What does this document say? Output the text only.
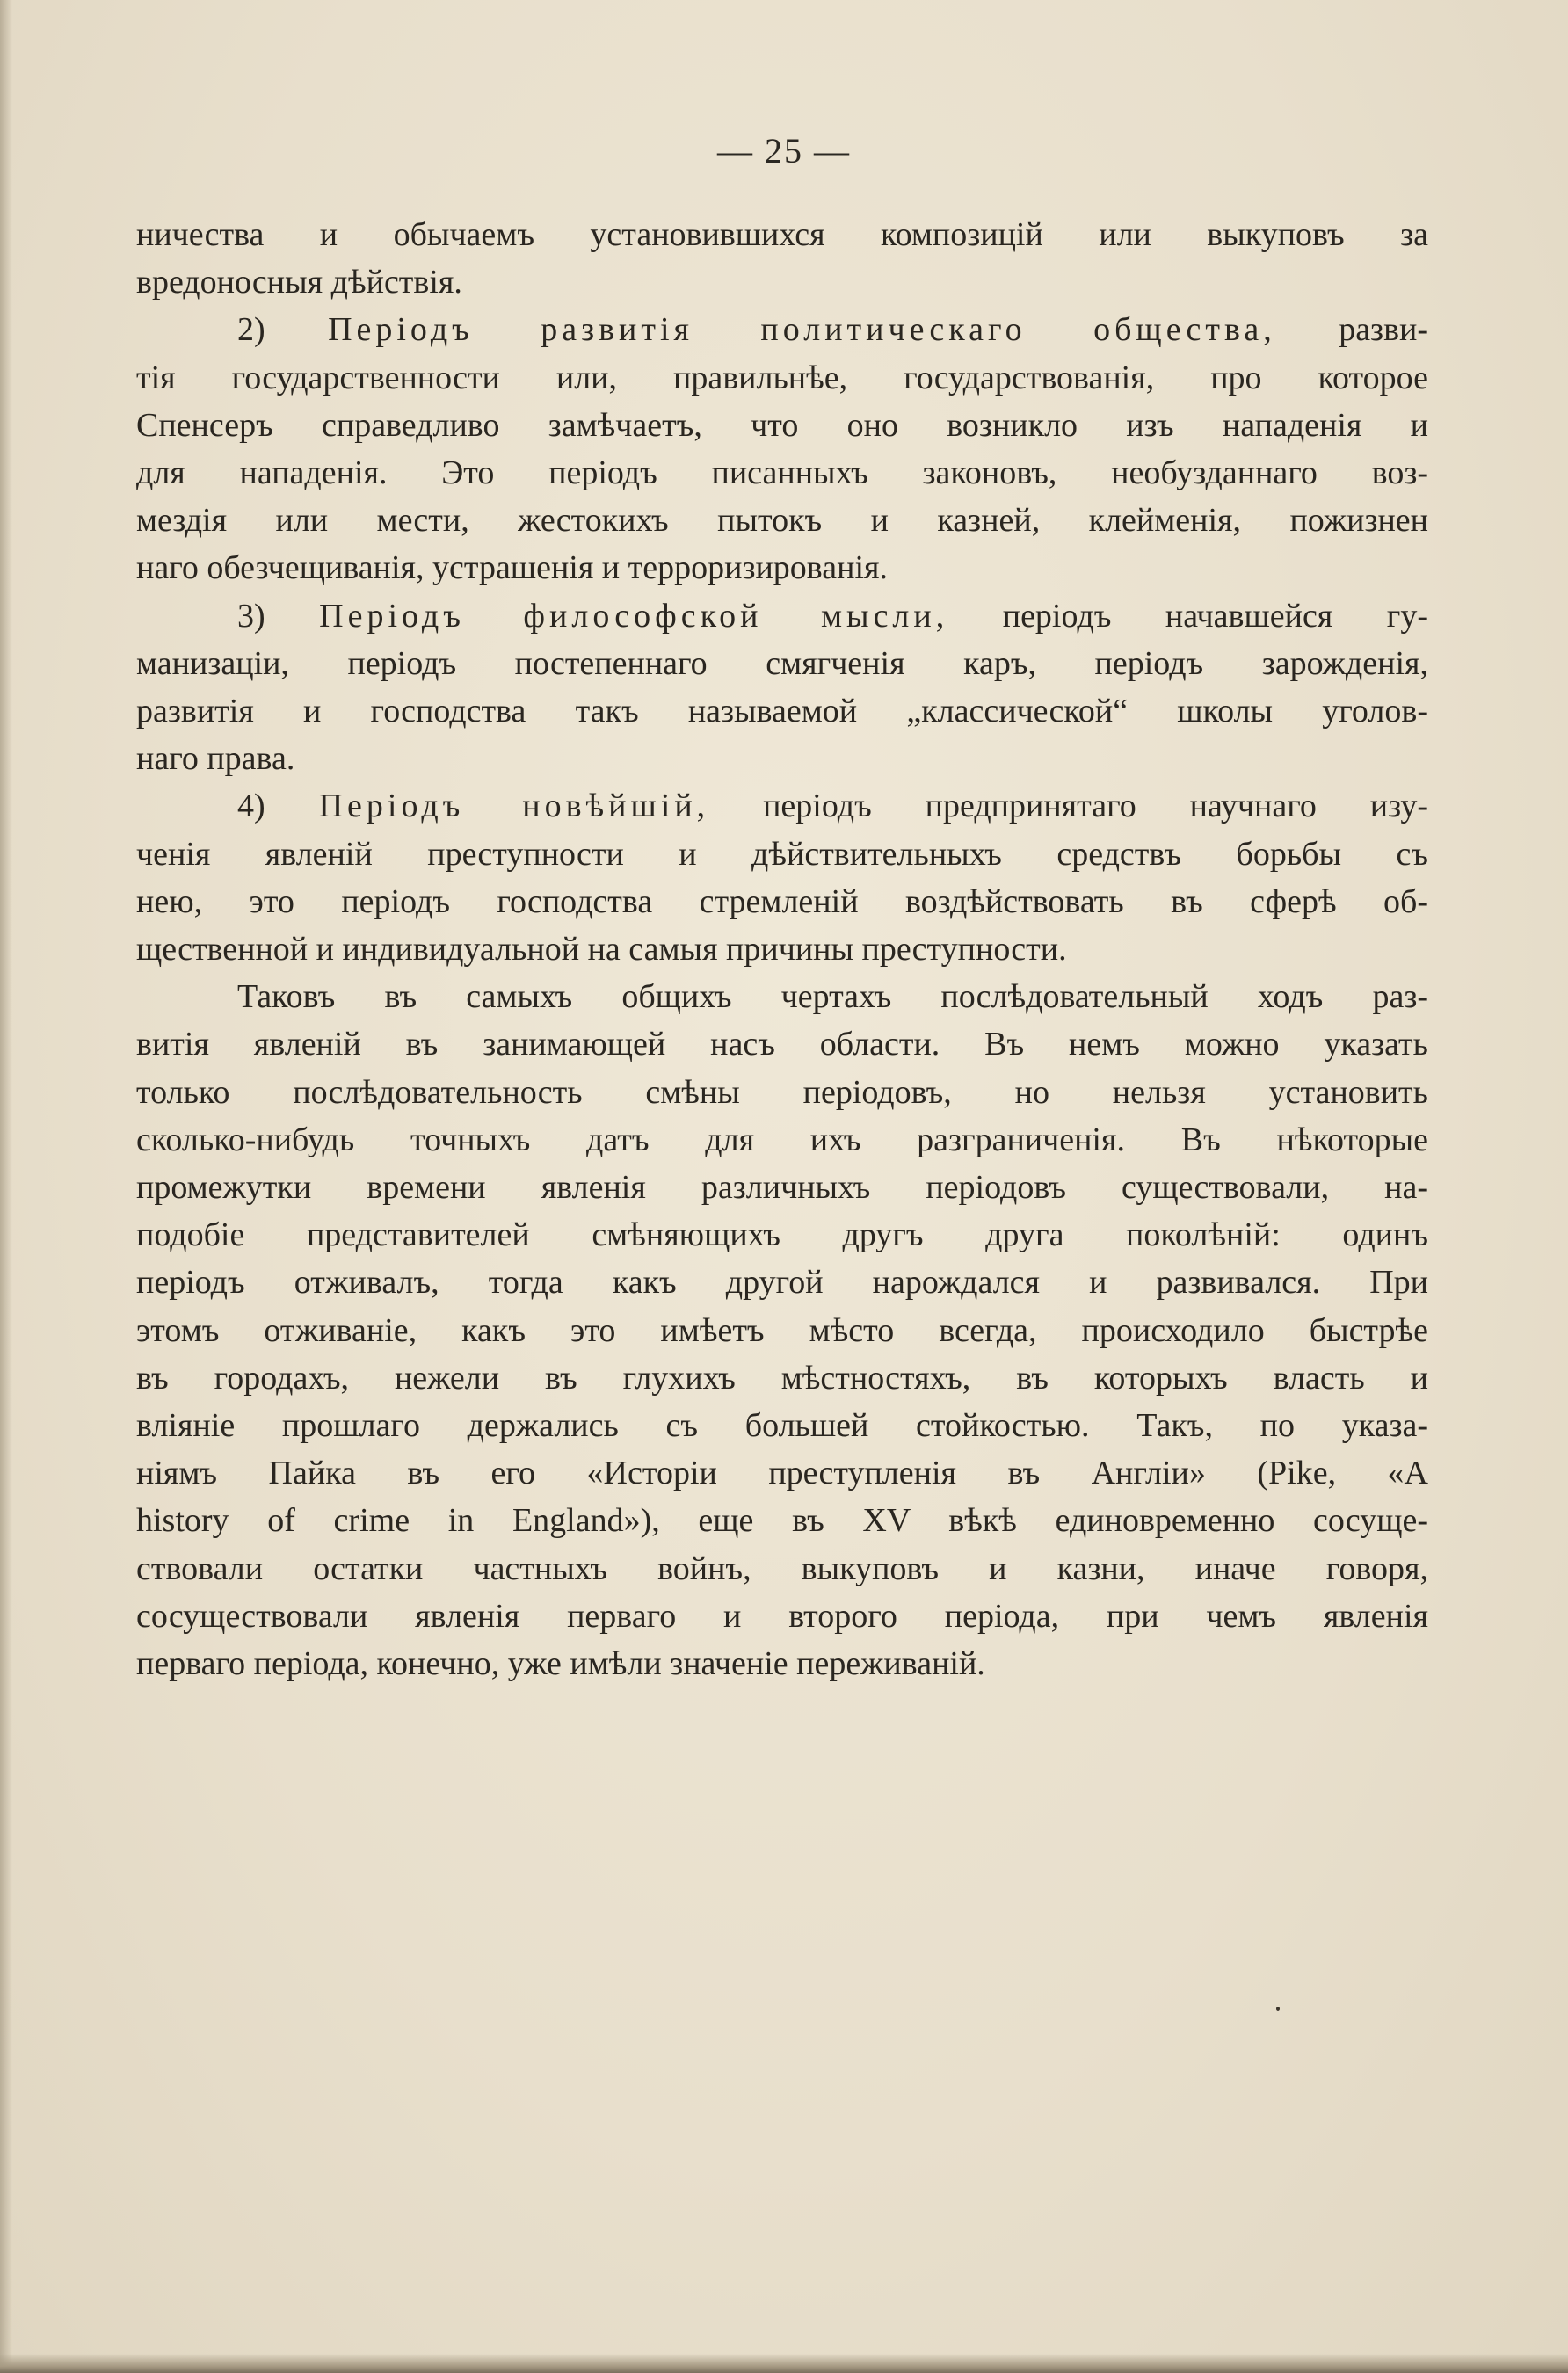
— 25 —
ничества и обычаемъ установившихся композицій или выкуповъ за
вредоносныя дѣйствія.
2) Періодъ развитія политическаго общества, разви-
тія государственности или, правильнѣе, государствованія, про которое
Спенсеръ справедливо замѣчаетъ, что оно возникло изъ нападенія и
для нападенія. Это періодъ писанныхъ законовъ, необузданнаго воз-
мездія или мести, жестокихъ пытокъ и казней, клейменія, пожизнен
наго обезчещиванія, устрашенія и терроризированія.
3) Періодъ философской мысли, періодъ начавшейся гу-
манизаціи, періодъ постепеннаго смягченія каръ, періодъ зарожденія,
развитія и господства такъ называемой „классической“ школы уголов-
наго права.
4) Періодъ новѣйшій, періодъ предпринятаго научнаго изу-
ченія явленій преступности и дѣйствительныхъ средствъ борьбы съ
нею, это періодъ господства стремленій воздѣйствовать въ сферѣ об-
щественной и индивидуальной на самыя причины преступности.
Таковъ въ самыхъ общихъ чертахъ послѣдовательный ходъ раз-
витія явленій въ занимающей насъ области. Въ немъ можно указать
только послѣдовательность смѣны періодовъ, но нельзя установить
сколько-нибудь точныхъ датъ для ихъ разграниченія. Въ нѣкоторые
промежутки времени явленія различныхъ періодовъ существовали, на-
подобіе представителей смѣняющихъ другъ друга поколѣній: одинъ
періодъ отживалъ, тогда какъ другой нарождался и развивался. При
этомъ отживаніе, какъ это имѣетъ мѣсто всегда, происходило быстрѣе
въ городахъ, нежели въ глухихъ мѣстностяхъ, въ которыхъ власть и
вліяніе прошлаго держались съ большей стойкостью. Такъ, по указа-
ніямъ Пайка въ его «Исторіи преступленія въ Англіи» (Pike, «A
history of crime in England»), еще въ XV вѣкѣ единовременно сосуще-
ствовали остатки частныхъ войнъ, выкуповъ и казни, иначе говоря,
сосуществовали явленія перваго и второго періода, при чемъ явленія
перваго періода, конечно, уже имѣли значеніе переживаній.
